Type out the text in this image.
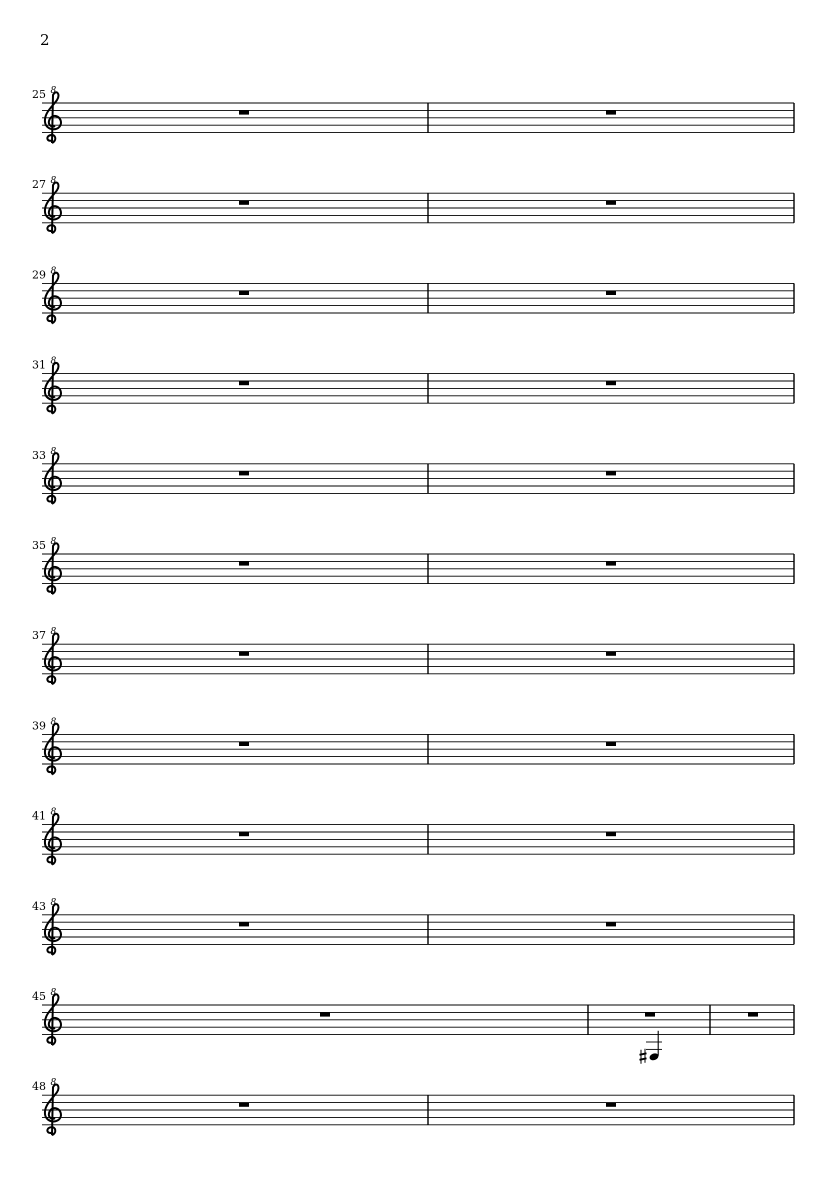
2
25 8
27 8
29 8
31 8
33 8
35 8
37 8
39 8
41 8
43 8
45 8
48 8
